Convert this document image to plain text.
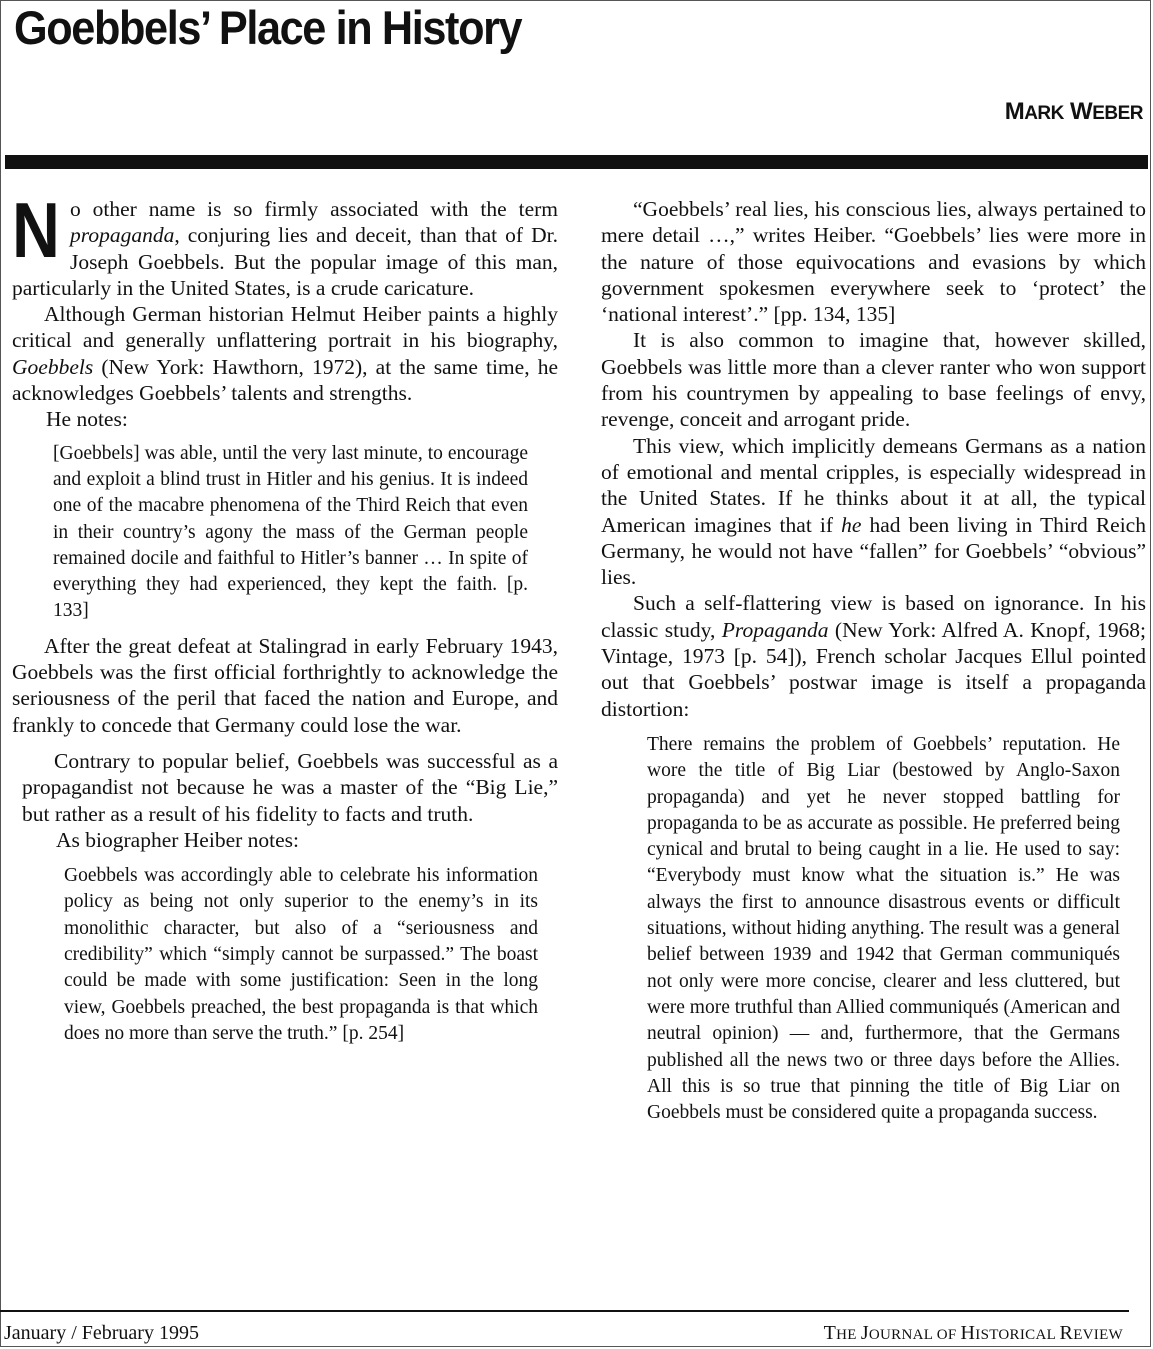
Goebbels’ Place in History
MARK WEBER

No other name is so firmly associated with the term propaganda, conjuring lies and deceit, than that of Dr. Joseph Goebbels. But the popular image of this man, particularly in the United States, is a crude caricature.

Although German historian Helmut Heiber paints a highly critical and generally unflattering portrait in his biography, Goebbels (New York: Hawthorn, 1972), at the same time, he acknowledges Goebbels’ talents and strengths.

He notes:

[Goebbels] was able, until the very last minute, to encourage and exploit a blind trust in Hitler and his genius. It is indeed one of the macabre phenomena of the Third Reich that even in their country’s agony the mass of the German people remained docile and faithful to Hitler’s banner … In spite of everything they had experienced, they kept the faith. [p. 133]

After the great defeat at Stalingrad in early February 1943, Goebbels was the first official forthrightly to acknowledge the seriousness of the peril that faced the nation and Europe, and frankly to concede that Germany could lose the war.

Contrary to popular belief, Goebbels was successful as a propagandist not because he was a master of the “Big Lie,” but rather as a result of his fidelity to facts and truth.

As biographer Heiber notes:

Goebbels was accordingly able to celebrate his information policy as being not only superior to the enemy’s in its monolithic character, but also of a “seriousness and credibility” which “simply cannot be surpassed.” The boast could be made with some justification: Seen in the long view, Goebbels preached, the best propaganda is that which does no more than serve the truth.” [p. 254]

“Goebbels’ real lies, his conscious lies, always pertained to mere detail …,” writes Heiber. “Goebbels’ lies were more in the nature of those equivocations and evasions by which government spokesmen everywhere seek to ‘protect’ the ‘national interest’.” [pp. 134, 135]

It is also common to imagine that, however skilled, Goebbels was little more than a clever ranter who won support from his countrymen by appealing to base feelings of envy, revenge, conceit and arrogant pride.

This view, which implicitly demeans Germans as a nation of emotional and mental cripples, is especially widespread in the United States. If he thinks about it at all, the typical American imagines that if he had been living in Third Reich Germany, he would not have “fallen” for Goebbels’ “obvious” lies.

Such a self-flattering view is based on ignorance. In his classic study, Propaganda (New York: Alfred A. Knopf, 1968; Vintage, 1973 [p. 54]), French scholar Jacques Ellul pointed out that Goebbels’ postwar image is itself a propaganda distortion:

There remains the problem of Goebbels’ reputation. He wore the title of Big Liar (bestowed by Anglo-Saxon propaganda) and yet he never stopped battling for propaganda to be as accurate as possible. He preferred being cynical and brutal to being caught in a lie. He used to say: “Everybody must know what the situation is.” He was always the first to announce disastrous events or difficult situations, without hiding anything. The result was a general belief between 1939 and 1942 that German communiqués not only were more concise, clearer and less cluttered, but were more truthful than Allied communiqués (American and neutral opinion) — and, furthermore, that the Germans published all the news two or three days before the Allies. All this is so true that pinning the title of Big Liar on Goebbels must be considered quite a propaganda success.
January / February 1995	THE JOURNAL OF HISTORICAL REVIEW
